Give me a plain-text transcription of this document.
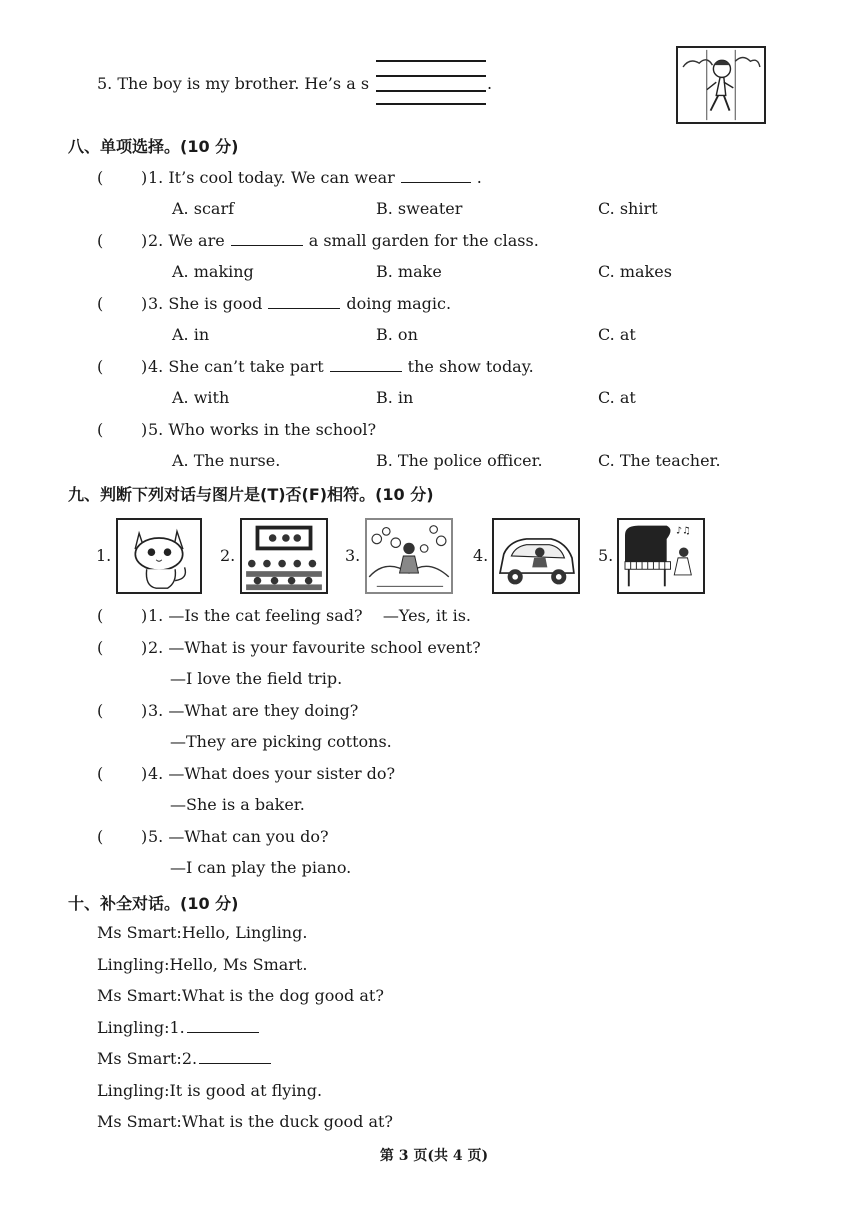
5. The boy is my brother. He’s a s	.
八、单项选择。(10 分)
( ) 1. It’s cool today. We can wear	.
A. scarf	B. sweater	C. shirt
( ) 2. We are	a small garden for the class.
A. making	B. make	C. makes
( ) 3. She is good	doing magic.
A. in	B. on	C. at
( ) 4. She can’t take part	the show today.
A. with	B. in	C. at
( ) 5. Who works in the school?
A. The nurse.	B. The police officer.	C. The teacher.
九、判断下列对话与图片是(T)否(F)相符。(10 分)
1.	2.	3.	4.	5.
♪♫
( ) 1. —Is the cat feeling sad?    —Yes, it is.
( ) 2. —What is your favourite school event?
—I love the field trip.
( ) 3. —What are they doing?
—They are picking cottons.
( ) 4. —What does your sister do?
—She is a baker.
( ) 5. —What can you do?
—I can play the piano.
十、补全对话。(10 分)
Ms Smart:Hello, Lingling.
Lingling:Hello, Ms Smart.
Ms Smart:What is the dog good at?
Lingling:1.
Ms Smart:2.
Lingling:It is good at flying.
Ms Smart:What is the duck good at?
第 3 页(共 4 页)
